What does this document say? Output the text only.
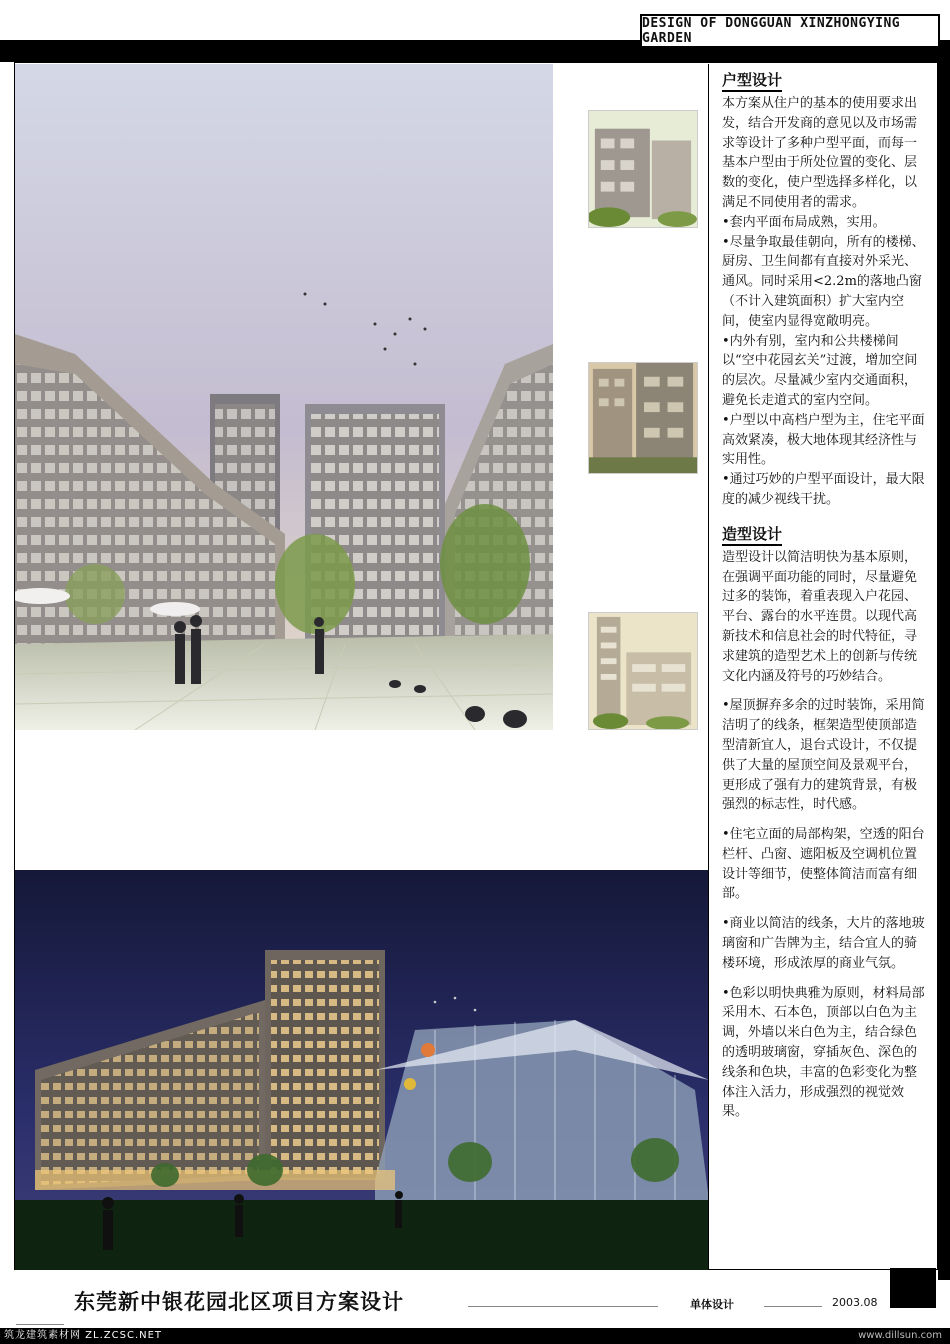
DESIGN OF DONGGUAN XINZHONGYING GARDEN
户型设计

本方案从住户的基本的使用要求出发，结合开发商的意见以及市场需求等设计了多种户型平面，而每一基本户型由于所处位置的变化、层数的变化，使户型选择多样化，以满足不同使用者的需求。

•套内平面布局成熟，实用。

•尽量争取最佳朝向，所有的楼梯、厨房、卫生间都有直接对外采光、通风。同时采用<2.2m的落地凸窗（不计入建筑面积）扩大室内空间，使室内显得宽敞明亮。

•内外有别，室内和公共楼梯间以“空中花园玄关”过渡，增加空间的层次。尽量减少室内交通面积，避免长走道式的室内空间。

•户型以中高档户型为主，住宅平面高效紧凑，极大地体现其经济性与实用性。

•通过巧妙的户型平面设计，最大限度的减少视线干扰。

造型设计

造型设计以简洁明快为基本原则，在强调平面功能的同时，尽量避免过多的装饰，着重表现入户花园、平台、露台的水平连贯。以现代高新技术和信息社会的时代特征，寻求建筑的造型艺术上的创新与传统文化内涵及符号的巧妙结合。

•屋顶摒弃多余的过时装饰，采用简洁明了的线条，框架造型使顶部造型清新宜人，退台式设计，不仅提供了大量的屋顶空间及景观平台，更形成了强有力的建筑背景，有极强烈的标志性，时代感。

•住宅立面的局部构架，空透的阳台栏杆、凸窗、遮阳板及空调机位置设计等细节，使整体简洁而富有细部。

•商业以简洁的线条，大片的落地玻璃窗和广告牌为主，结合宜人的骑楼环境，形成浓厚的商业气氛。

•色彩以明快典雅为原则，材料局部采用木、石本色，顶部以白色为主调，外墙以米白色为主，结合绿色的透明玻璃窗，穿插灰色、深色的线条和色块，丰富的色彩变化为整体注入活力，形成强烈的视觉效果。

东莞新中银花园北区项目方案设计	单体设计	2003.08
筑龙建筑素材网 ZL.ZCSC.NET	www.dillsun.com
